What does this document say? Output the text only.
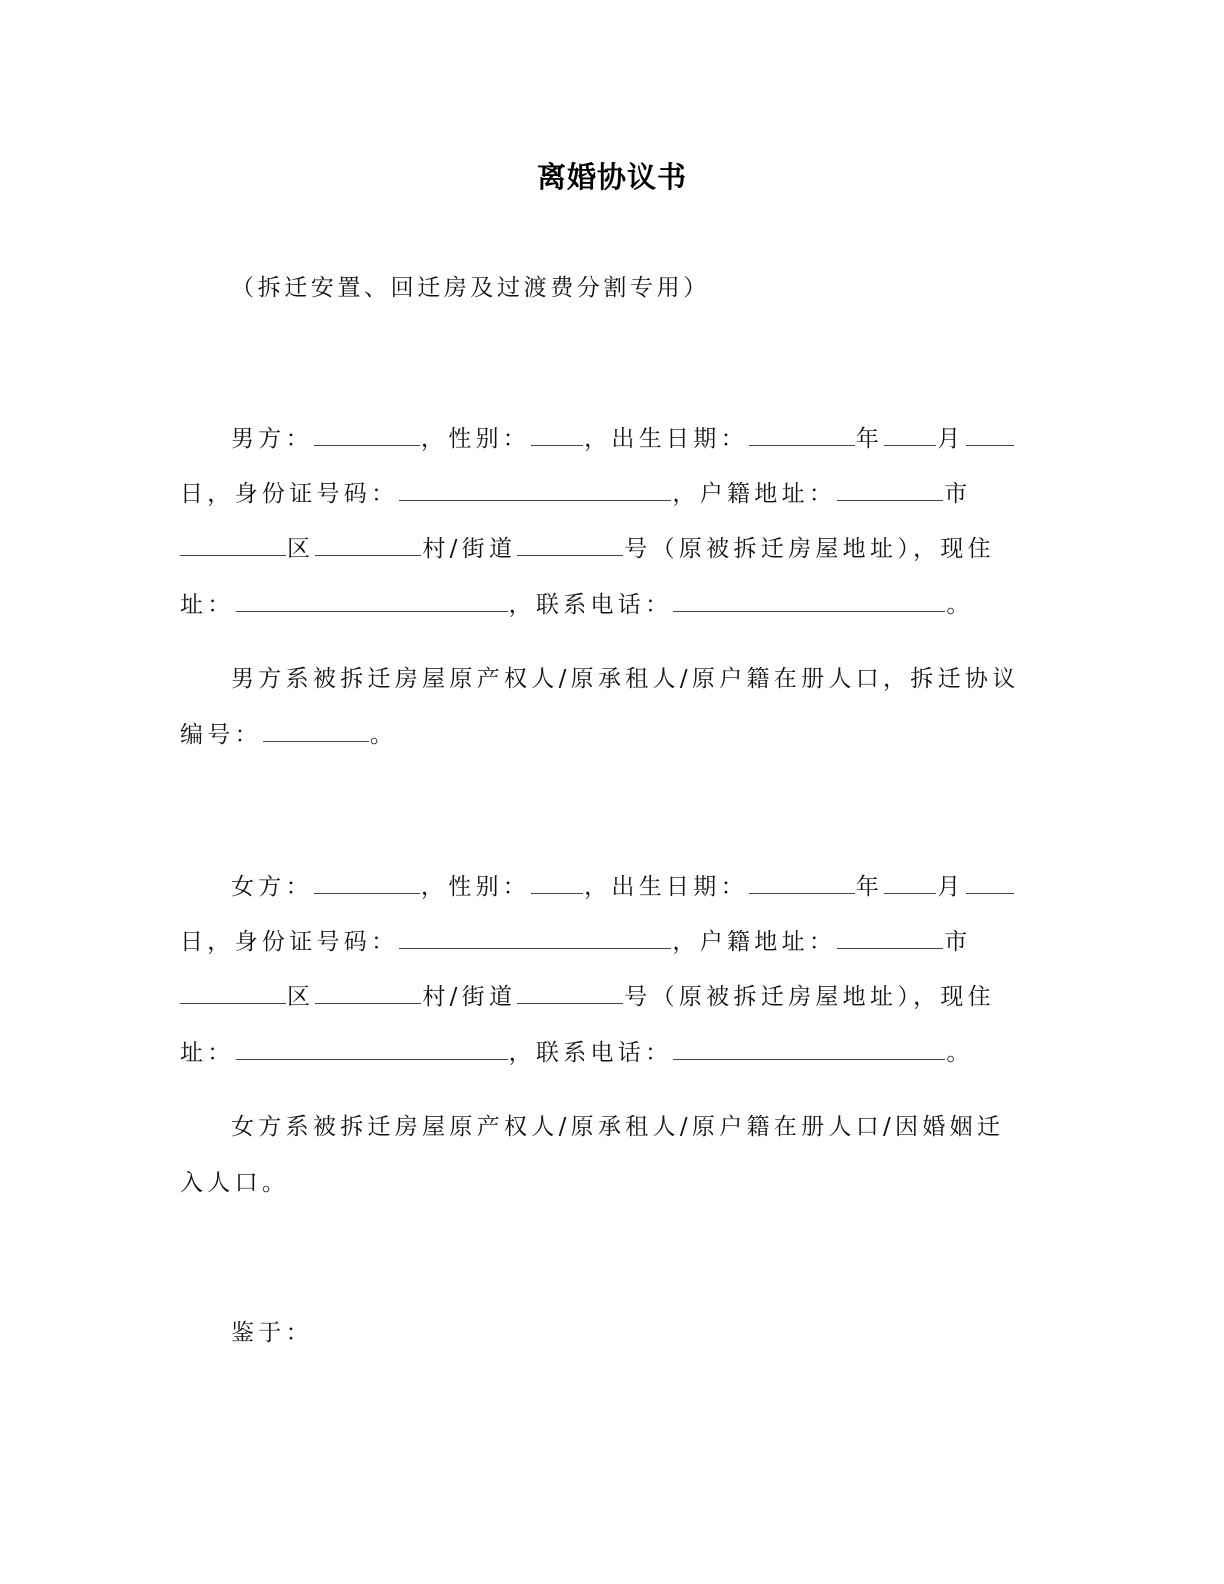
离婚协议书
（拆迁安置、回迁房及过渡费分割专用）
男方：	，性别： ，出生日期：	年 月
日，身份证号码：	，户籍地址：	市
区	村/街道	号（原被拆迁房屋地址），现住
址：	，联系电话：	。
男方系被拆迁房屋原产权人/原承租人/原户籍在册人口，拆迁协议
编号：	。
女方：	，性别： ，出生日期：	年 月
日，身份证号码：	，户籍地址：	市
区	村/街道	号（原被拆迁房屋地址），现住
址：	，联系电话：	。
女方系被拆迁房屋原产权人/原承租人/原户籍在册人口/因婚姻迁
入人口。
鉴于：
